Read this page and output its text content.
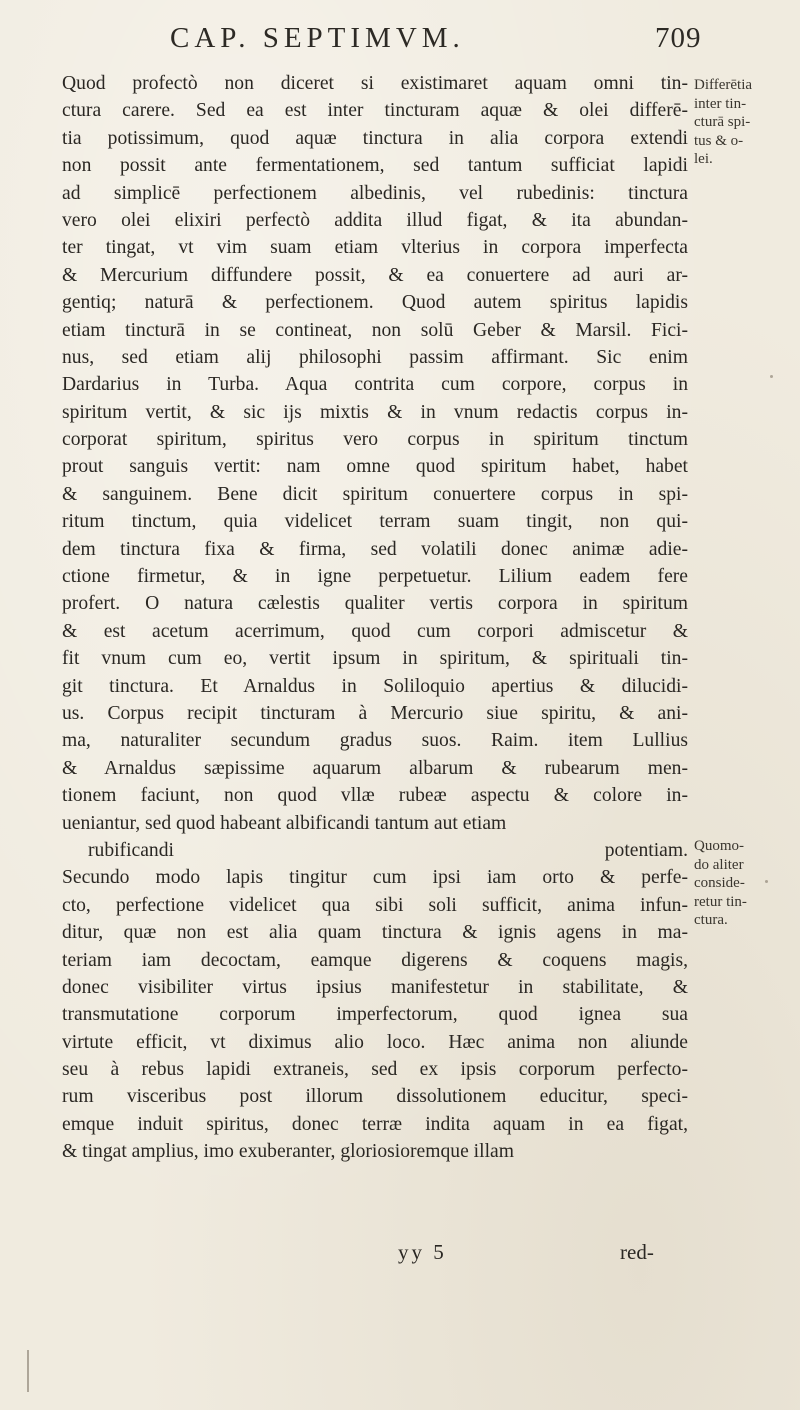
CAP. SEPTIMVM.	709
Quod profectò non diceret si existimaret aquam omni tin-
ctura carere. Sed ea est inter tincturam aquæ & olei differē-
tia potissimum, quod aquæ tinctura in alia corpora extendi
non possit ante fermentationem, sed tantum sufficiat lapidi
ad simplicē perfectionem albedinis, vel rubedinis: tinctura
vero olei elixiri perfectò addita illud figat, & ita abundan-
ter tingat, vt vim suam etiam vlterius in corpora imperfecta
& Mercurium diffundere possit, & ea conuertere ad auri ar-
gentiq; naturā & perfectionem. Quod autem spiritus lapidis
etiam tincturā in se contineat, non solū Geber & Marsil. Fici-
nus, sed etiam alij philosophi passim affirmant. Sic enim
Dardarius in Turba. Aqua contrita cum corpore, corpus in
spiritum vertit, & sic ijs mixtis & in vnum redactis corpus in-
corporat spiritum, spiritus vero corpus in spiritum tinctum
prout sanguis vertit: nam omne quod spiritum habet, habet
& sanguinem. Bene dicit spiritum conuertere corpus in spi-
ritum tinctum, quia videlicet terram suam tingit, non qui-
dem tinctura fixa & firma, sed volatili donec animæ adie-
ctione firmetur, & in igne perpetuetur. Lilium eadem fere
profert. O natura cælestis qualiter vertis corpora in spiritum
& est acetum acerrimum, quod cum corpori admiscetur &
fit vnum cum eo, vertit ipsum in spiritum, & spirituali tin-
git tinctura. Et Arnaldus in Soliloquio apertius & dilucidi-
us. Corpus recipit tincturam à Mercurio siue spiritu, & ani-
ma, naturaliter secundum gradus suos. Raim. item Lullius
& Arnaldus sæpissime aquarum albarum & rubearum men-
tionem faciunt, non quod vllæ rubeæ aspectu & colore in-
ueniantur, sed quod habeant albificandi tantum aut etiam
rubificandi potentiam.
Secundo modo lapis tingitur cum ipsi iam orto & perfe-
cto, perfectione videlicet qua sibi soli sufficit, anima infun-
ditur, quæ non est alia quam tinctura & ignis agens in ma-
teriam iam decoctam, eamque digerens & coquens magis,
donec visibiliter virtus ipsius manifestetur in stabilitate, &
transmutatione corporum imperfectorum, quod ignea sua
virtute efficit, vt diximus alio loco. Hæc anima non aliunde
seu à rebus lapidi extraneis, sed ex ipsis corporum perfecto-
rum visceribus post illorum dissolutionem educitur, speci-
emque induit spiritus, donec terræ indita aquam in ea figat,
& tingat amplius, imo exuberanter, gloriosioremque illam
Differētia
inter tin-
cturā spi-
tus & o-
lei.
Quomo-
do aliter
conside-
retur tin-
ctura.
yy 5	red-
